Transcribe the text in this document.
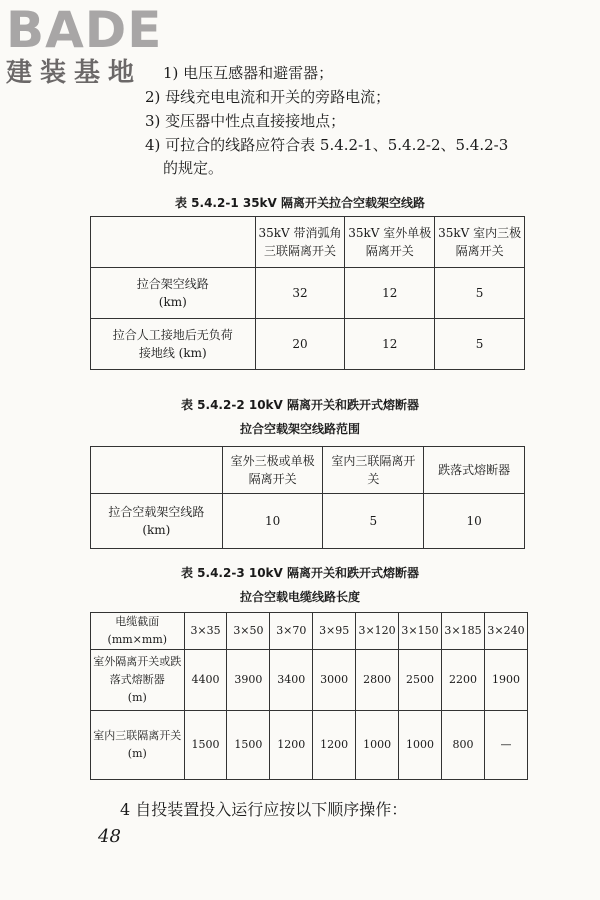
BADE
建装基地	1) 电压互感器和避雷器；
2) 母线充电电流和开关的旁路电流；
3) 变压器中性点直接接地点；
4) 可拉合的线路应符合表 5.4.2-1、5.4.2-2、5.4.2-3
的规定。
表 5.4.2-1 35kV 隔离开关拉合空载架空线路
	35kV 带消弧角三联隔离开关	35kV 室外单极隔离开关	35kV 室内三极隔离开关
拉合架空线路
(km)	32	12	5
拉合人工接地后无负荷
接地线 (km)	20	12	5
表 5.4.2-2 10kV 隔离开关和跌开式熔断器
拉合空载架空线路范围
	室外三极或单极隔离开关	室内三联隔离开关	跌落式熔断器
拉合空载架空线路
(km)	10	5	10
表 5.4.2-3 10kV 隔离开关和跌开式熔断器
拉合空载电缆线路长度
电缆截面
(mm×mm)	3×35	3×50	3×70	3×95	3×120	3×150	3×185	3×240
室外隔离开关或跌落式熔断器
(m)	4400	3900	3400	3000	2800	2500	2200	1900
室内三联隔离开关
(m)	1500	1500	1200	1200	1000	1000	800	—
4 自投装置投入运行应按以下顺序操作：
48
